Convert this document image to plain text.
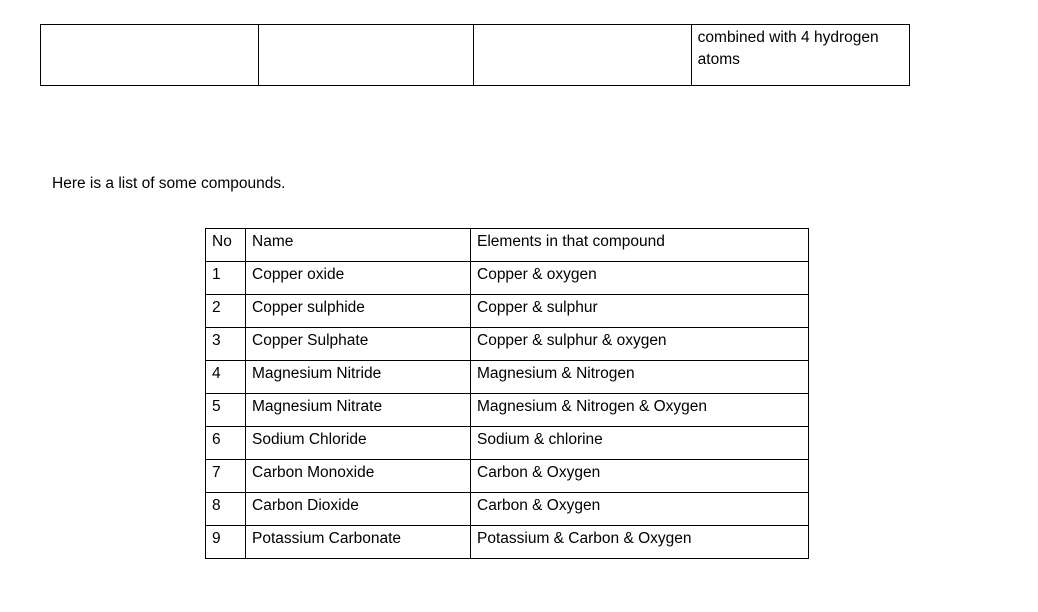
			combined with 4 hydrogen atoms
Here is a list of some compounds.
No	Name	Elements in that compound
1	Copper oxide	Copper & oxygen
2	Copper sulphide	Copper & sulphur
3	Copper Sulphate	Copper & sulphur & oxygen
4	Magnesium Nitride	Magnesium & Nitrogen
5	Magnesium Nitrate	Magnesium & Nitrogen & Oxygen
6	Sodium Chloride	Sodium & chlorine
7	Carbon Monoxide	Carbon & Oxygen
8	Carbon Dioxide	Carbon & Oxygen
9	Potassium Carbonate	Potassium & Carbon & Oxygen
